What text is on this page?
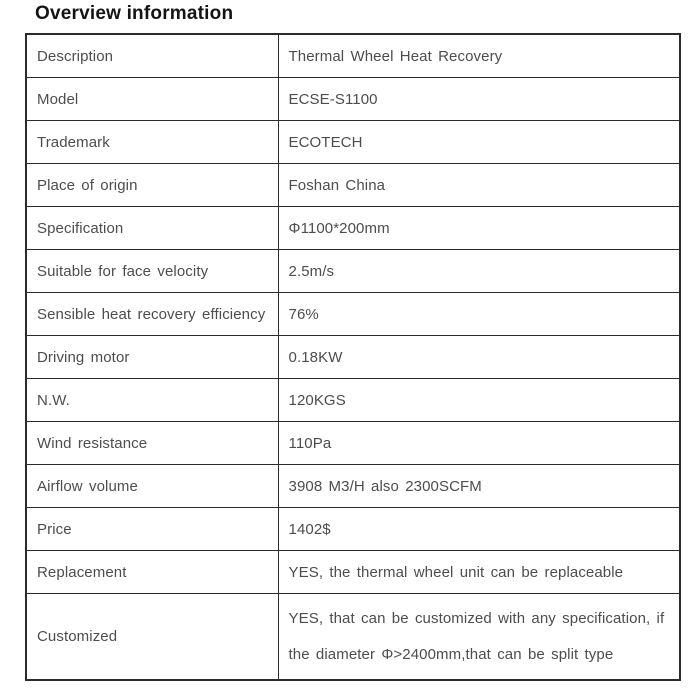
Overview information
Description	Thermal Wheel Heat Recovery
Model	ECSE-S1100
Trademark	ECOTECH
Place of origin	Foshan China
Specification	Φ1100*200mm
Suitable for face velocity	2.5m/s
Sensible heat recovery efficiency	76%
Driving motor	0.18KW
N.W.	120KGS
Wind resistance	110Pa
Airflow volume	3908 M3/H also 2300SCFM
Price	1402$
Replacement	YES, the thermal wheel unit can be replaceable
Customized	YES, that can be customized with any specification, if
the diameter Φ>2400mm,that can be split type
